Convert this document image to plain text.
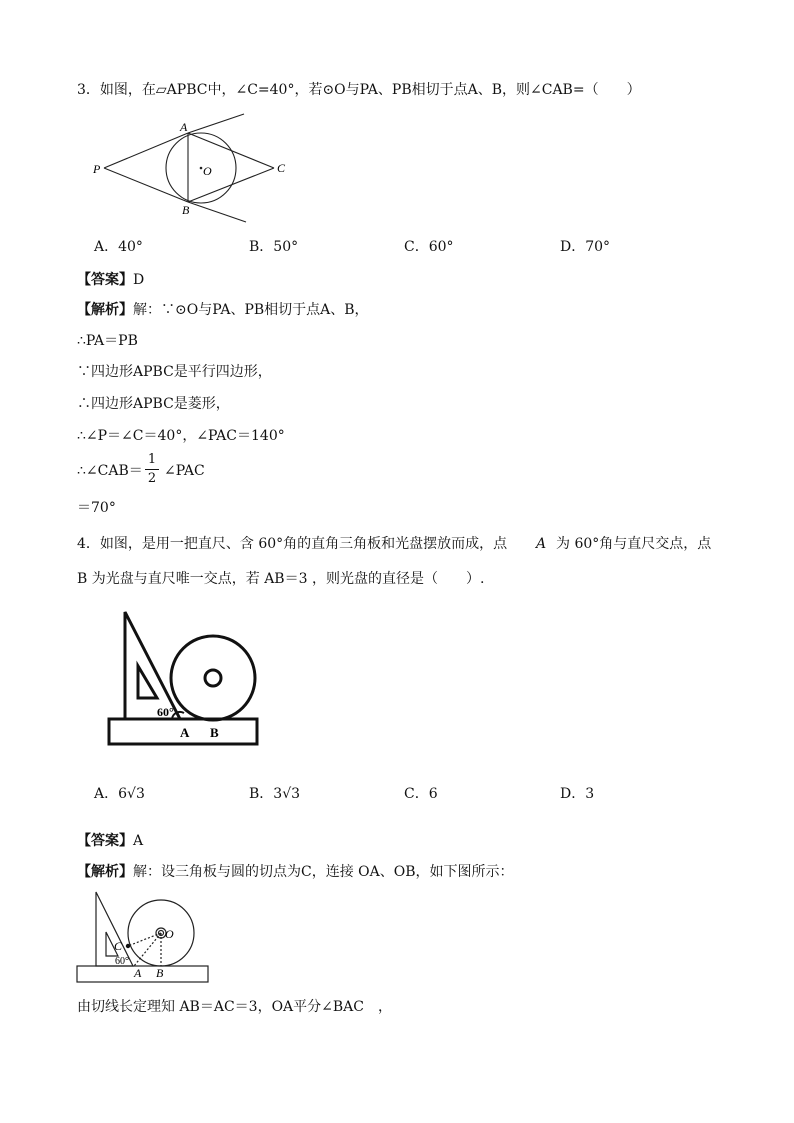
3．如图，在▱APBC中，∠C=40°，若⊙O与PA、PB相切于点A、B，则∠CAB=（　　）
A
B
P	C
O
A．40°	B．50°	C．60°	D．70°
【答案】D
【解析】解：∵⊙O与PA、PB相切于点A、B，
∴PA＝PB
∵四边形APBC是平行四边形，
∴四边形APBC是菱形，
∴∠P＝∠C＝40°，∠PAC＝140°
∴∠CAB＝
1
2 ∠PAC
＝70°
4．如图，是用一把直尺、含 60°角的直角三角板和光盘摆放而成，点 A 为 60°角与直尺交点，点
B 为光盘与直尺唯一交点，若 AB＝3 ，则光盘的直径是（　　）.
60°
A B
A．6√3	B．3√3	C．6	D．3
【答案】A
【解析】解：设三角板与圆的切点为C，连接 OA、OB，如下图所示：
C
O
60°
A B
由切线长定理知 AB＝AC＝3，OA平分∠BAC　，
